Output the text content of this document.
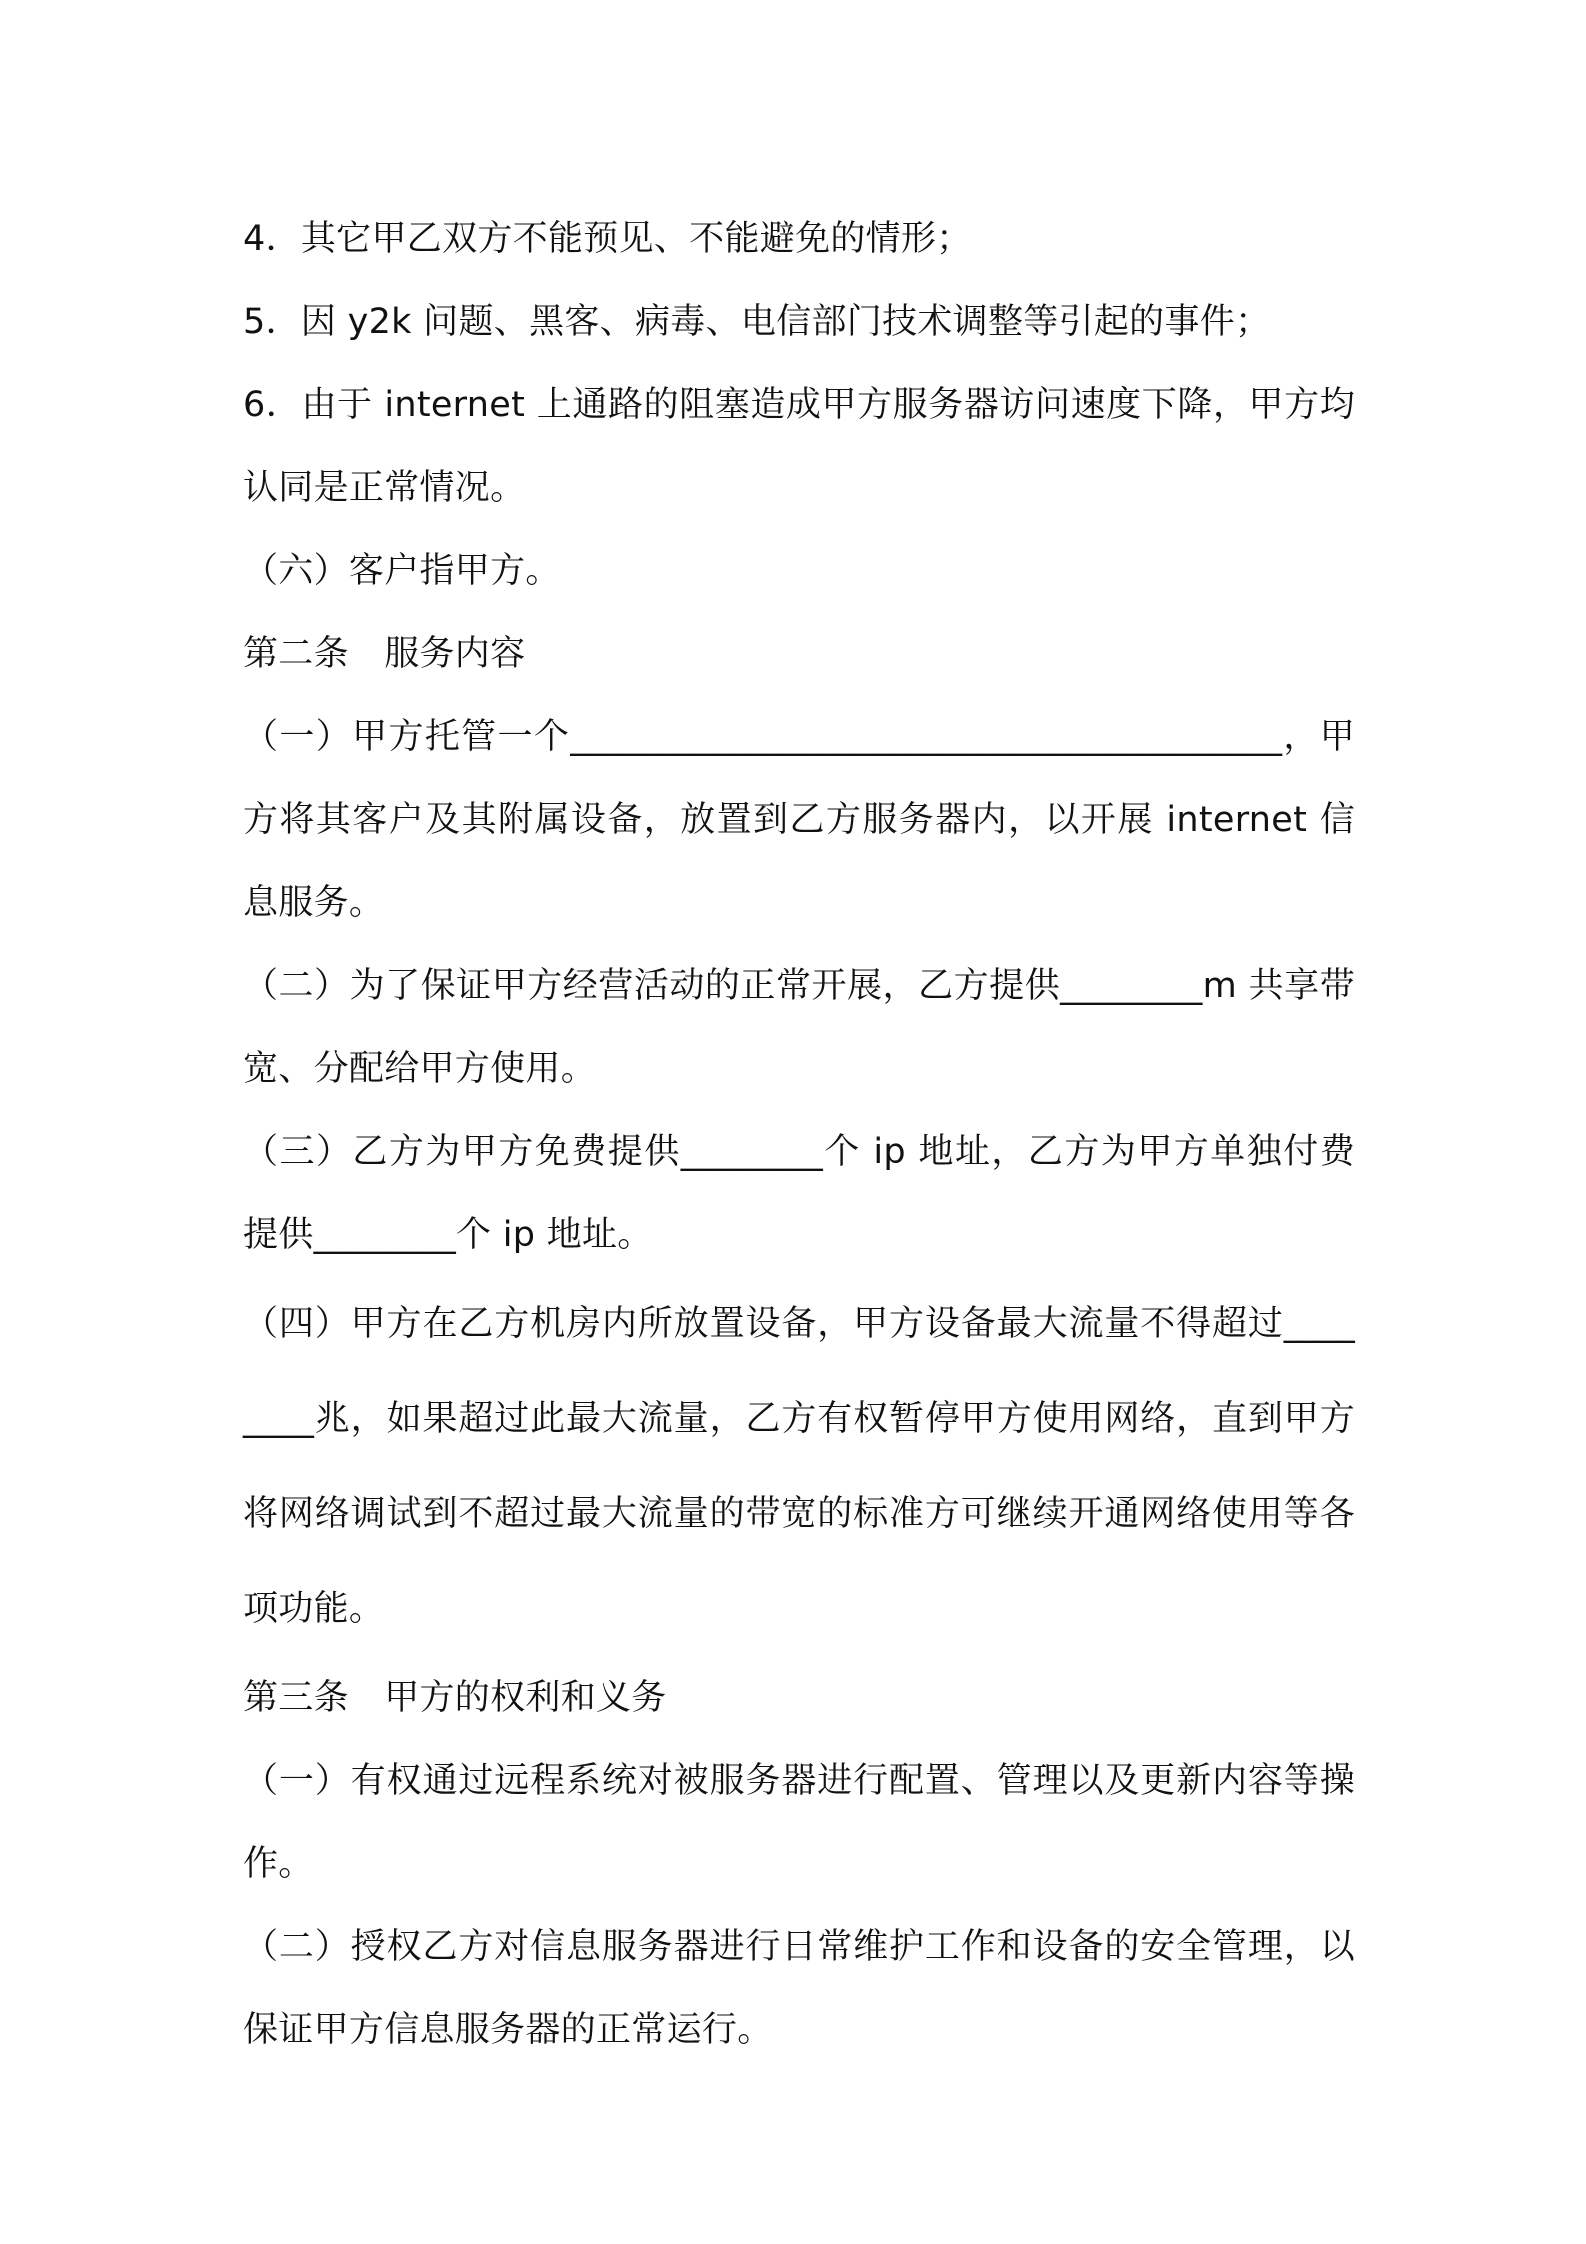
4．其它甲乙双方不能预见、不能避免的情形；

5．因 y2k 问题、黑客、病毒、电信部门技术调整等引起的事件；

6．由于 internet 上通路的阻塞造成甲方服务器访问速度下降，甲方均认同是正常情况。

（六）客户指甲方。

第二条　服务内容

（一）甲方托管一个________________________________________，甲方将其客户及其附属设备，放置到乙方服务器内，以开展 internet 信息服务。

（二）为了保证甲方经营活动的正常开展，乙方提供________m 共享带宽、分配给甲方使用。

（三）乙方为甲方免费提供________个 ip 地址，乙方为甲方单独付费提供________个 ip 地址。

（四）甲方在乙方机房内所放置设备，甲方设备最大流量不得超过________兆，如果超过此最大流量，乙方有权暂停甲方使用网络，直到甲方将网络调试到不超过最大流量的带宽的标准方可继续开通网络使用等各项功能。

第三条　甲方的权利和义务

（一）有权通过远程系统对被服务器进行配置、管理以及更新内容等操作。

（二）授权乙方对信息服务器进行日常维护工作和设备的安全管理，以保证甲方信息服务器的正常运行。
